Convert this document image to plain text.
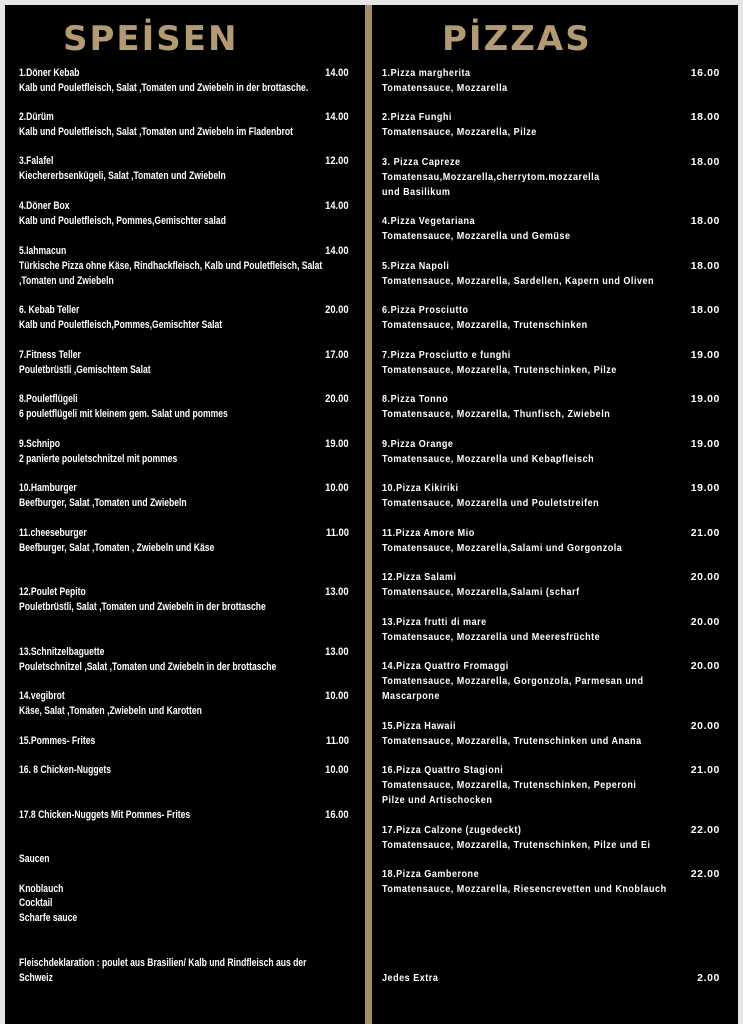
SPEİSEN
1.Döner Kebab	14.00
Kalb und Pouletfleisch, Salat ,Tomaten und Zwiebeln in der brottasche.
2.Dürüm	14.00
Kalb und Pouletfleisch, Salat ,Tomaten und Zwiebeln im Fladenbrot
3.Falafel	12.00
Kiechererbsenkügeli, Salat ,Tomaten und Zwiebeln
4.Döner Box	14.00
Kalb und Pouletfleisch, Pommes,Gemischter salad
5.Iahmacun	14.00
Türkische Pizza ohne Käse, Rindhackfleisch, Kalb und Pouletfleisch, Salat
,Tomaten und Zwiebeln
6. Kebab Teller	20.00
Kalb und Pouletfleisch,Pommes,Gemischter Salat
7.Fitness Teller	17.00
Pouletbrüstli ,Gemischtem Salat
8.Pouletflügeli	20.00
6 pouletflügeli mit kleinem gem. Salat und pommes
9.Schnipo	19.00
2 panierte pouletschnitzel mit pommes
10.Hamburger	10.00
Beefburger, Salat ,Tomaten und Zwiebeln
11.cheeseburger	11.00
Beefburger, Salat ,Tomaten , Zwiebeln und Käse
12.Poulet Pepito	13.00
Pouletbrüstli, Salat ,Tomaten und Zwiebeln in der brottasche
13.Schnitzelbaguette	13.00
Pouletschnitzel ,Salat ,Tomaten und Zwiebeln in der brottasche
14.vegibrot	10.00
Käse, Salat ,Tomaten ,Zwiebeln und Karotten
15.Pommes- Frites	11.00
16. 8 Chicken-Nuggets	10.00
17.8 Chicken-Nuggets Mit Pommes- Frites	16.00
Saucen

Knoblauch
Cocktail
Scharfe sauce
Fleischdeklaration : poulet aus Brasilien/ Kalb und Rindfleisch aus der
Schweiz
PİZZAS
1.Pizza margherita	16.00
Tomatensauce, Mozzarella
2.Pizza Funghi	18.00
Tomatensauce, Mozzarella, Pilze
3. Pizza Capreze	18.00
Tomatensau,Mozzarella,cherrytom.mozzarella
und Basilikum
4.Pizza Vegetariana	18.00
Tomatensauce, Mozzarella und Gemüse
5.Pizza Napoli	18.00
Tomatensauce, Mozzarella, Sardellen, Kapern und Oliven
6.Pizza Prosciutto	18.00
Tomatensauce, Mozzarella, Trutenschinken
7.Pizza Prosciutto e funghi	19.00
Tomatensauce, Mozzarella, Trutenschinken, Pilze
8.Pizza Tonno	19.00
Tomatensauce, Mozzarella, Thunfisch, Zwiebeln
9.Pizza Orange	19.00
Tomatensauce, Mozzarella und Kebapfleisch
10.Pizza Kikiriki	19.00
Tomatensauce, Mozzarella und Pouletstreifen
11.Pizza Amore Mio	21.00
Tomatensauce, Mozzarella,Salami und Gorgonzola
12.Pizza Salami	20.00
Tomatensauce, Mozzarella,Salami (scharf
13.Pizza frutti di mare	20.00
Tomatensauce, Mozzarella und Meeresfrüchte
14.Pizza Quattro Fromaggi	20.00
Tomatensauce, Mozzarella, Gorgonzola, Parmesan und
Mascarpone
15.Pizza Hawaii	20.00
Tomatensauce, Mozzarella, Trutenschinken und Anana
16.Pizza Quattro Stagioni	21.00
Tomatensauce, Mozzarella, Trutenschinken, Peperoni
Pilze und Artischocken
17.Pizza Calzone (zugedeckt)	22.00
Tomatensauce, Mozzarella, Trutenschinken, Pilze und Ei
18.Pizza Gamberone	22.00
Tomatensauce, Mozzarella, Riesencrevetten und Knoblauch
Jedes Extra	2.00
